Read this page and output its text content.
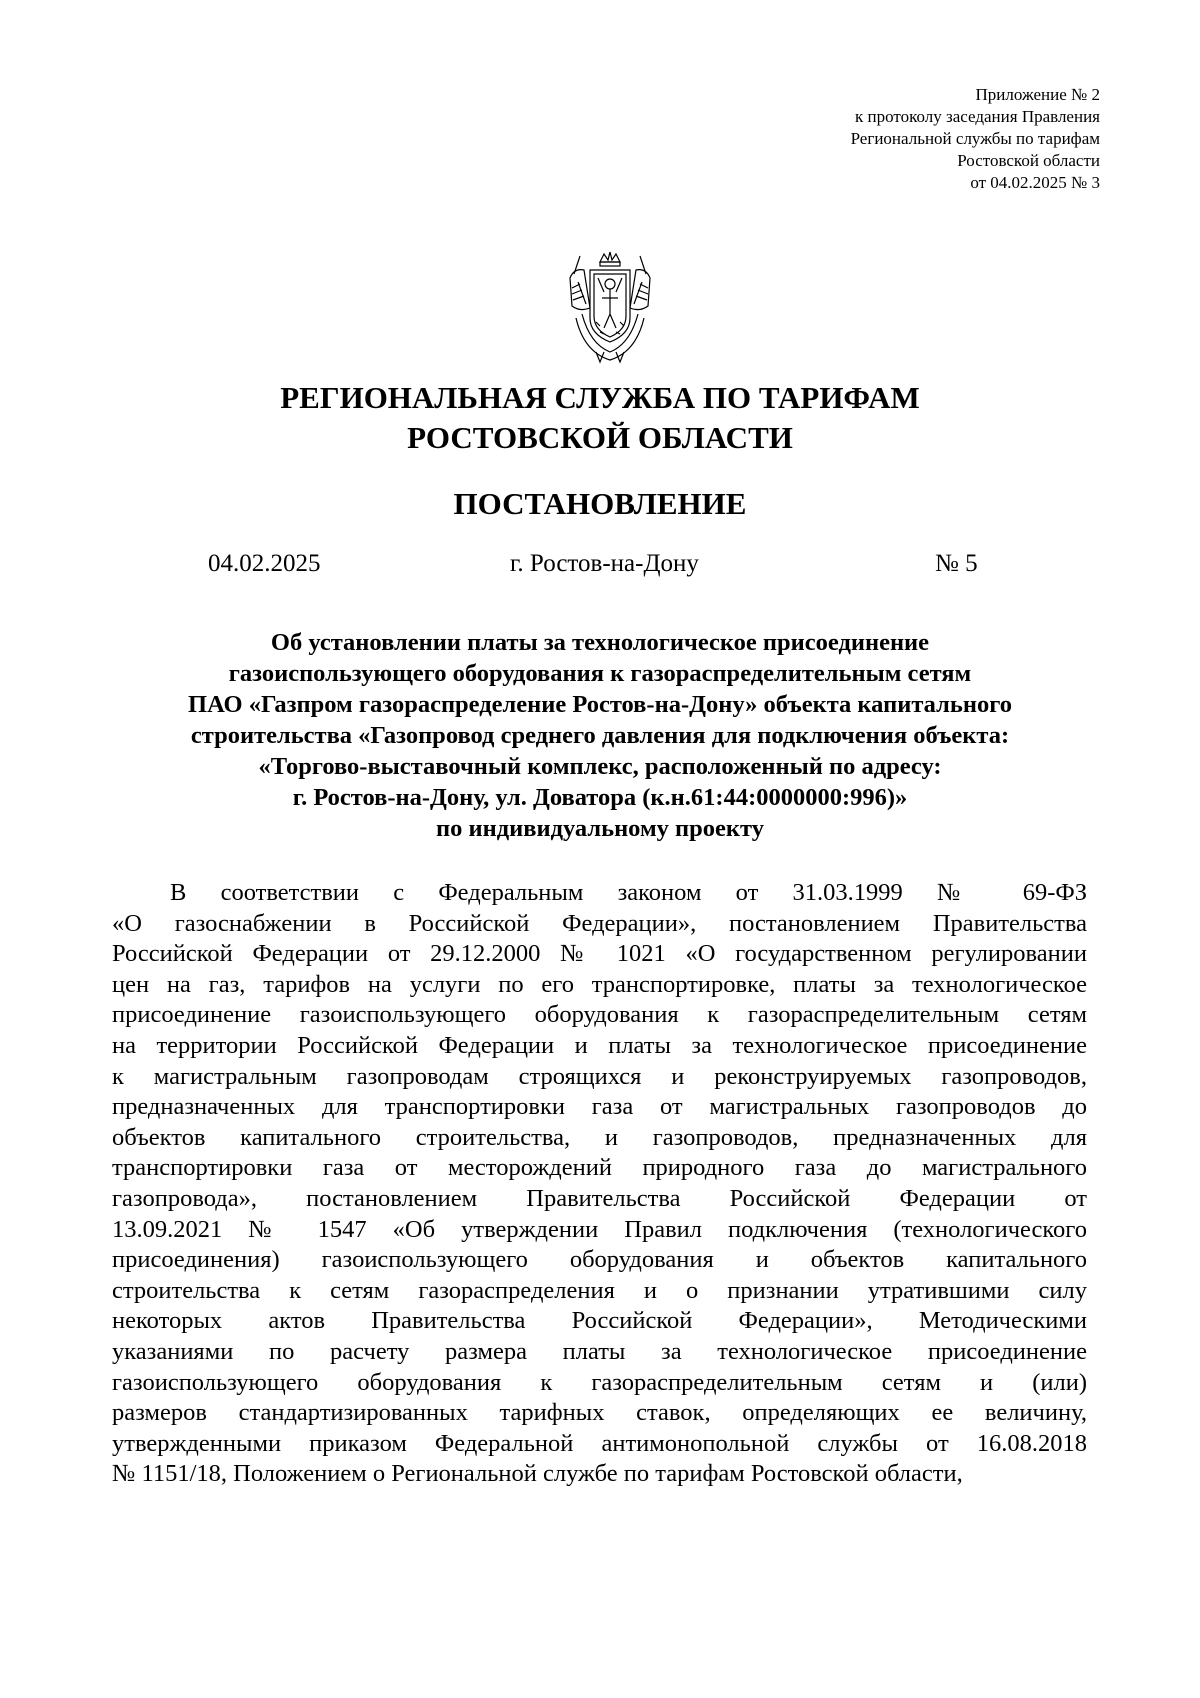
Приложение № 2
к протоколу заседания Правления
Региональной службы по тарифам
Ростовской области
от 04.02.2025 № 3
РЕГИОНАЛЬНАЯ СЛУЖБА ПО ТАРИФАМ
РОСТОВСКОЙ ОБЛАСТИ
ПОСТАНОВЛЕНИЕ
04.02.2025	г. Ростов-на-Дону	№ 5
Об установлении платы за технологическое присоединение
газоиспользующего оборудования к газораспределительным сетям
ПАО «Газпром газораспределение Ростов-на-Дону» объекта капитального
строительства «Газопровод среднего давления для подключения объекта:
«Торгово-выставочный комплекс, расположенный по адресу:
г. Ростов-на-Дону, ул. Доватора (к.н.61:44:0000000:996)»
по индивидуальному проекту
В соответствии с Федеральным законом от 31.03.1999 № 69-ФЗ
«О газоснабжении в Российской Федерации», постановлением Правительства
Российской Федерации от 29.12.2000 № 1021 «О государственном регулировании
цен на газ, тарифов на услуги по его транспортировке, платы за технологическое
присоединение газоиспользующего оборудования к газораспределительным сетям
на территории Российской Федерации и платы за технологическое присоединение
к магистральным газопроводам строящихся и реконструируемых газопроводов,
предназначенных для транспортировки газа от магистральных газопроводов до
объектов капитального строительства, и газопроводов, предназначенных для
транспортировки газа от месторождений природного газа до магистрального
газопровода», постановлением Правительства Российской Федерации от
13.09.2021 № 1547 «Об утверждении Правил подключения (технологического
присоединения) газоиспользующего оборудования и объектов капитального
строительства к сетям газораспределения и о признании утратившими силу
некоторых актов Правительства Российской Федерации», Методическими
указаниями по расчету размера платы за технологическое присоединение
газоиспользующего оборудования к газораспределительным сетям и (или)
размеров стандартизированных тарифных ставок, определяющих ее величину,
утвержденными приказом Федеральной антимонопольной службы от 16.08.2018
№ 1151/18, Положением о Региональной службе по тарифам Ростовской области,
